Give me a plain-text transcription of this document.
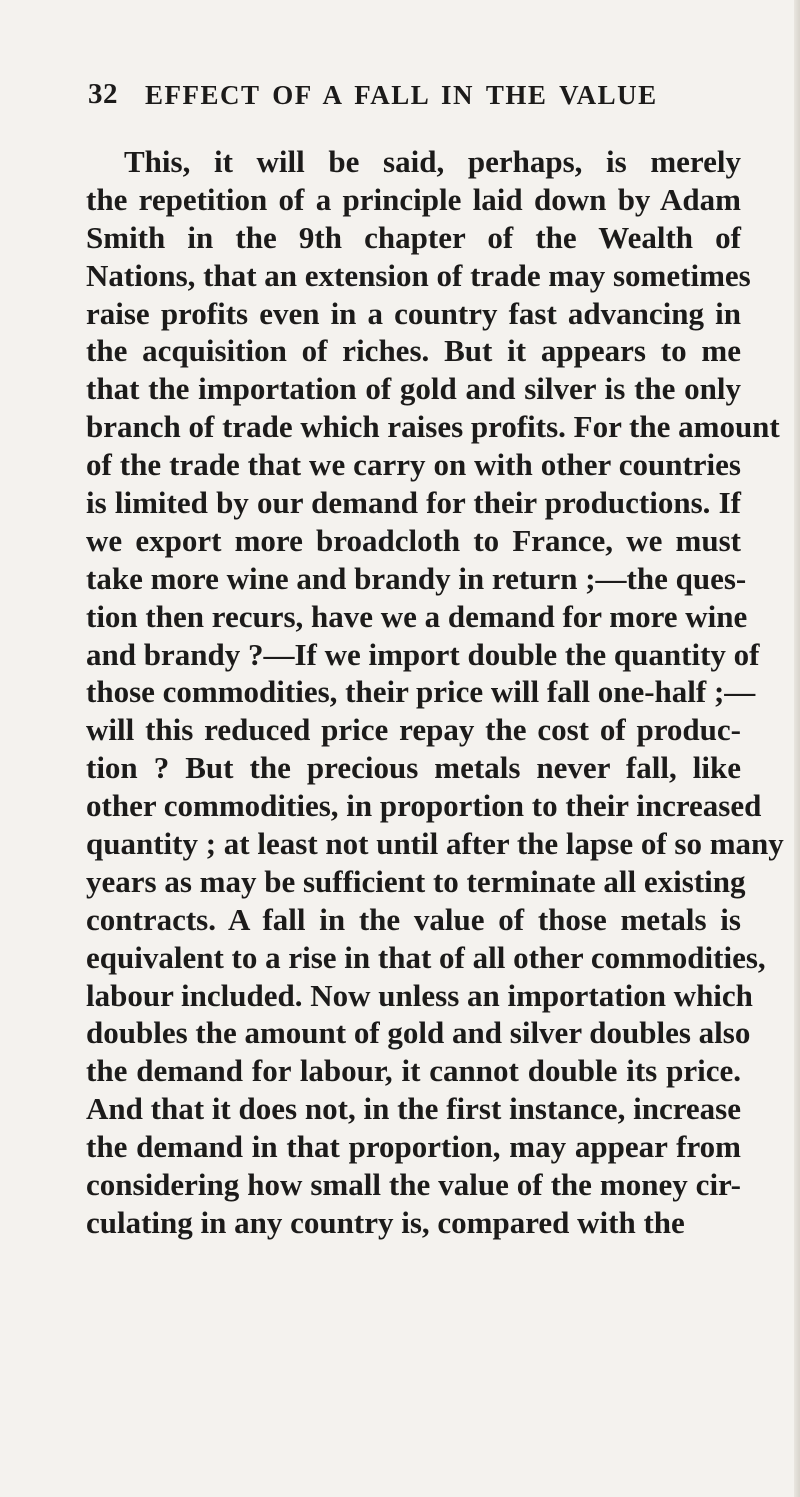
32 EFFECT OF A FALL IN THE VALUE
This, it will be said, perhaps, is merely
the repetition of a principle laid down by Adam
Smith in the 9th chapter of the Wealth of
Nations, that an extension of trade may sometimes
raise profits even in a country fast advancing in
the acquisition of riches. But it appears to me
that the importation of gold and silver is the only
branch of trade which raises profits. For the amount
of the trade that we carry on with other countries
is limited by our demand for their productions. If
we export more broadcloth to France, we must
take more wine and brandy in return ;—the ques-
tion then recurs, have we a demand for more wine
and brandy ?—If we import double the quantity of
those commodities, their price will fall one-half ;—
will this reduced price repay the cost of produc-
tion ? But the precious metals never fall, like
other commodities, in proportion to their increased
quantity ; at least not until after the lapse of so many
years as may be sufficient to terminate all existing
contracts. A fall in the value of those metals is
equivalent to a rise in that of all other commodities,
labour included. Now unless an importation which
doubles the amount of gold and silver doubles also
the demand for labour, it cannot double its price.
And that it does not, in the first instance, increase
the demand in that proportion, may appear from
considering how small the value of the money cir-
culating in any country is, compared with the
